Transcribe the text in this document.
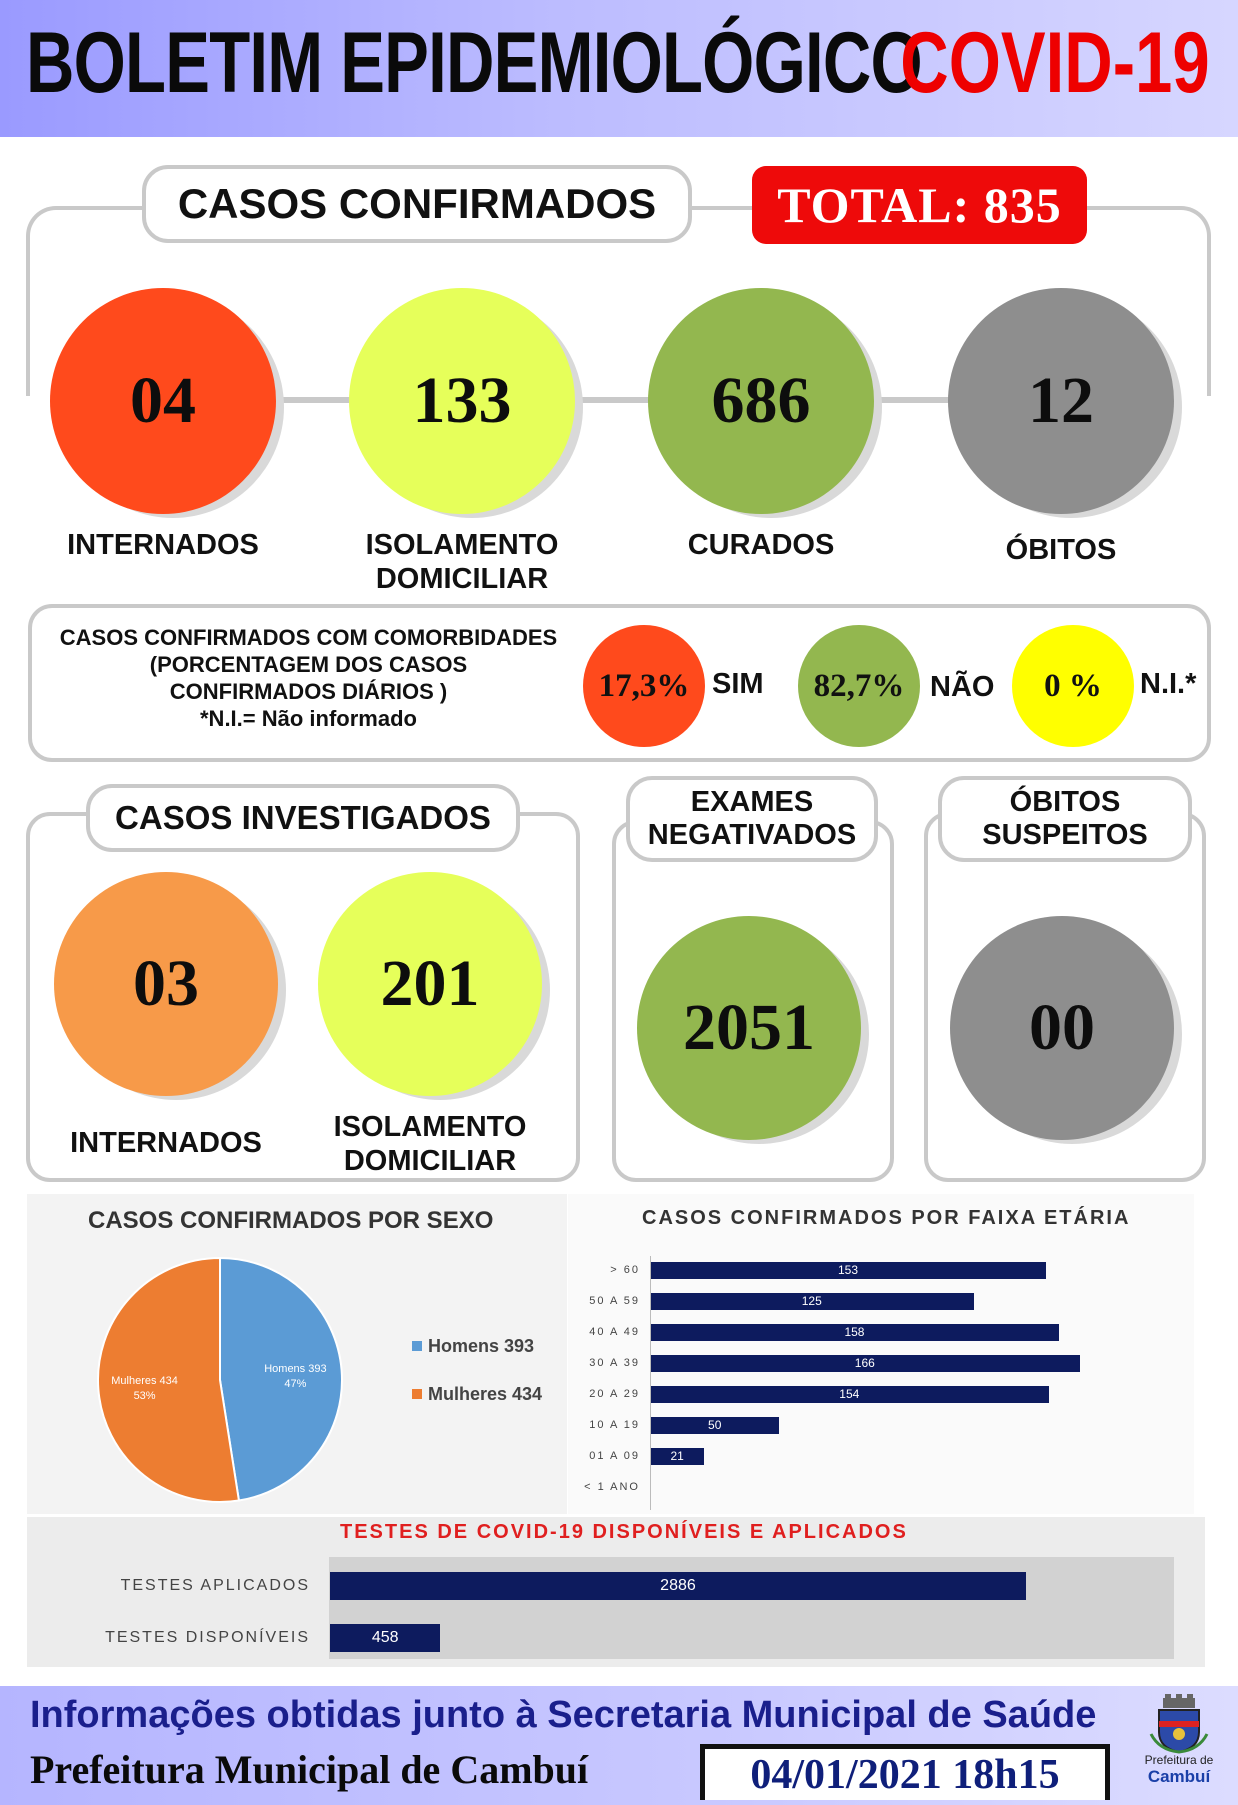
BOLETIM EPIDEMIOLÓGICO
COVID-19
CASOS CONFIRMADOS	TOTAL: 835
04	133	686	12
INTERNADOS	ISOLAMENTO
DOMICILIAR
CURADOS	ÓBITOS
CASOS CONFIRMADOS COM COMORBIDADES
(PORCENTAGEM DOS CASOS
CONFIRMADOS DIÁRIOS )
*N.I.= Não informado
17,3% SIM 82,7% NÃO 0 % N.I.*
CASOS INVESTIGADOS
03	201
INTERNADOS	ISOLAMENTO
DOMICILIAR
EXAMES
NEGATIVADOS
2051
ÓBITOS
SUSPEITOS
00
CASOS CONFIRMADOS POR SEXO
Homens 393
47%
Mulheres 434
53%
Homens 393
Mulheres 434
CASOS CONFIRMADOS POR FAIXA ETÁRIA
> 60	153
50 A 59	125
40 A 49	158
30 A 39	166
20 A 29	154
10 A 19	50
01 A 09	21
< 1 ANO
TESTES DE COVID-19 DISPONÍVEIS E APLICADOS
TESTES APLICADOS	2886
TESTES DISPONÍVEIS	458
Informações obtidas junto à Secretaria Municipal de Saúde
Prefeitura Municipal de Cambuí	04/01/2021 18h15	Prefeitura de
Cambuí
